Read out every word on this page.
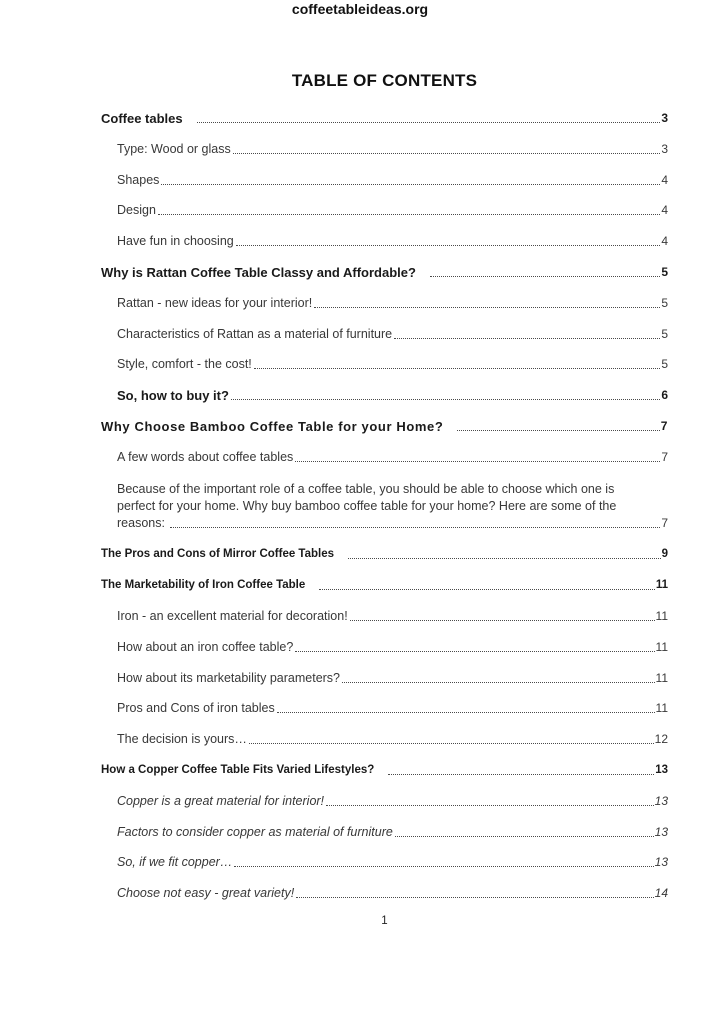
coffeetableideas.org
TABLE OF CONTENTS
Coffee tables	3
Type: Wood or glass	3
Shapes	4
Design	4
Have fun in choosing	4
Why is Rattan Coffee Table Classy and Affordable?	5
Rattan - new ideas for your interior!	5
Characteristics of Rattan as a material of furniture	5
Style, comfort - the cost!	5
So, how to buy it?	6
Why Choose Bamboo Coffee Table for your Home?	7
A few words about coffee tables	7
Because of the important role of a coffee table, you should be able to choose which one is
perfect for your home. Why buy bamboo coffee table for your home? Here are some of the
reasons:	7
The Pros and Cons of Mirror Coffee Tables	9
The Marketability of Iron Coffee Table	11
Iron - an excellent material for decoration!	11
How about an iron coffee table?	11
How about its marketability parameters?	11
Pros and Cons of iron tables	11
The decision is yours…	12
How a Copper Coffee Table Fits Varied Lifestyles?	13
Copper is a great material for interior!	13
Factors to consider copper as material of furniture	13
So, if we fit copper…	13
Choose not easy - great variety!	14
1
